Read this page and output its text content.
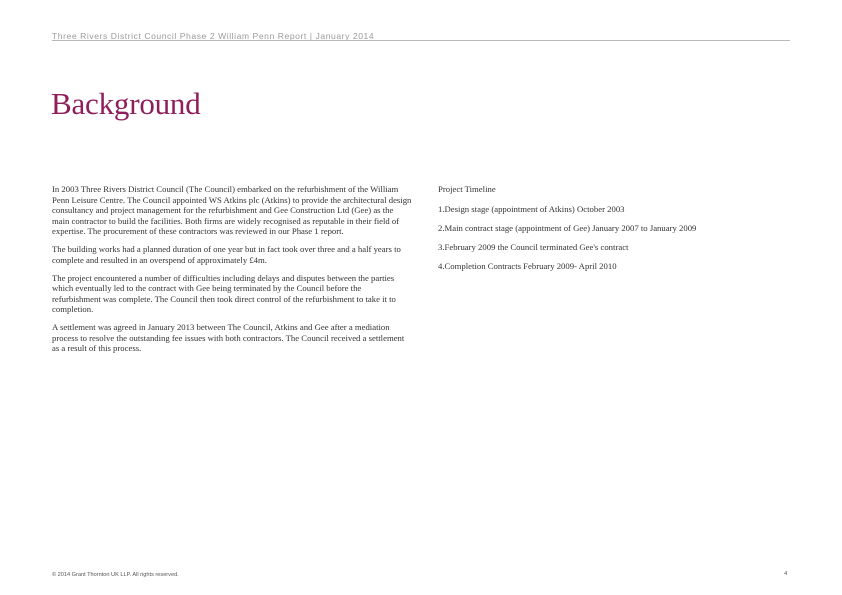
Three Rivers District Council Phase 2 William Penn Report | January 2014
Background

In 2003 Three Rivers District Council (The Council) embarked on the refurbishment of the William Penn Leisure Centre. The Council appointed WS Atkins plc (Atkins) to provide the architectural design consultancy and project management for the refurbishment and Gee Construction Ltd (Gee) as the main contractor to build the facilities. Both firms are widely recognised as reputable in their field of expertise. The procurement of these contractors was reviewed in our Phase 1 report.

The building works had a planned duration of one year but in fact took over three and a half years to complete and resulted in an overspend of approximately £4m.

The project encountered a number of difficulties including delays and disputes between the parties which eventually led to the contract with Gee being terminated by the Council before the refurbishment was complete. The Council then took direct control of the refurbishment to take it to completion.

A settlement was agreed in January 2013 between The Council, Atkins and Gee after a mediation process to resolve the outstanding fee issues with both contractors. The Council received a settlement as a result of this process.

Project Timeline
1.Design stage (appointment of Atkins) October 2003
2.Main contract stage (appointment of Gee) January 2007 to January 2009
3.February 2009 the Council terminated Gee's contract
4.Completion Contracts February 2009- April 2010
© 2014 Grant Thornton UK LLP. All rights reserved.	4
